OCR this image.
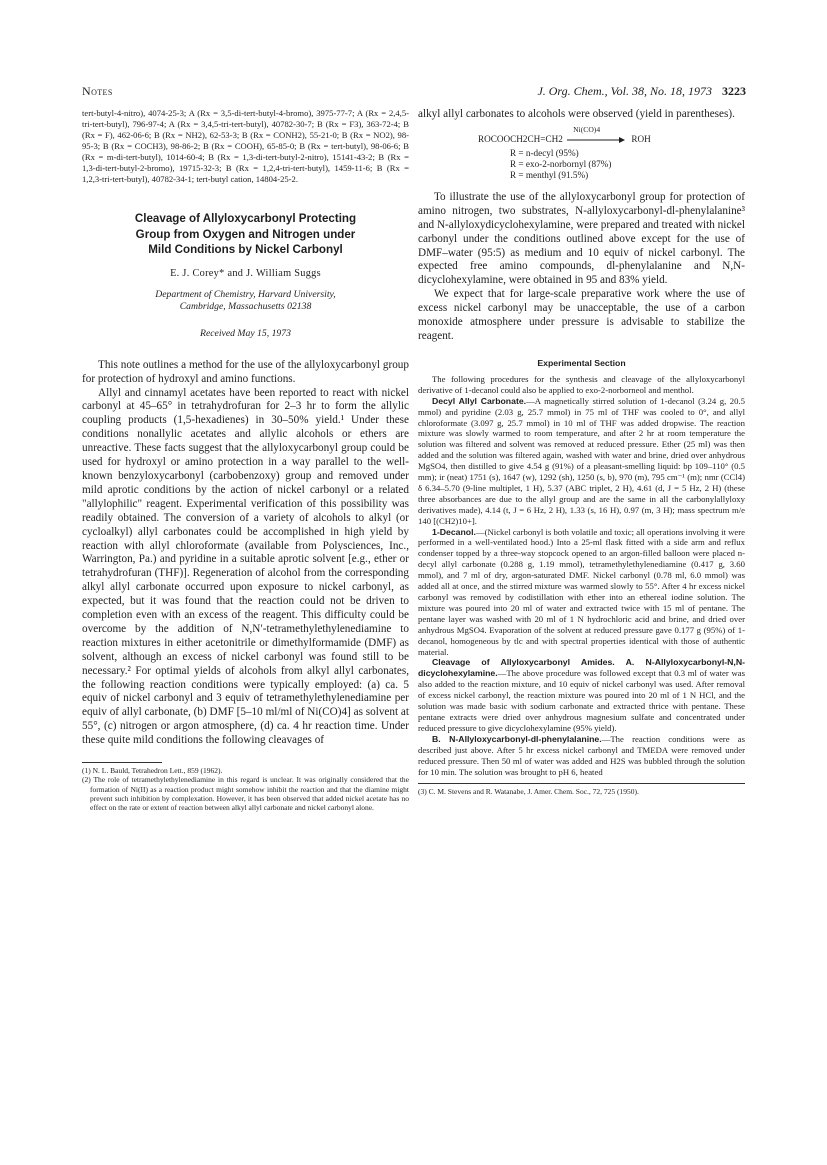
Notes	J. Org. Chem., Vol. 38, No. 18, 1973 3223

tert-butyl-4-nitro), 4074-25-3; A (Rx = 3,5-di-tert-butyl-4-bromo), 3975-77-7; A (Rx = 2,4,5-tri-tert-butyl), 796-97-4; A (Rx = 3,4,5-tri-tert-butyl), 40782-30-7; B (Rx = F3), 363-72-4; B (Rx = F), 462-06-6; B (Rx = NH2), 62-53-3; B (Rx = CONH2), 55-21-0; B (Rx = NO2), 98-95-3; B (Rx = COCH3), 98-86-2; B (Rx = COOH), 65-85-0; B (Rx = tert-butyl), 98-06-6; B (Rx = m-di-tert-butyl), 1014-60-4; B (Rx = 1,3-di-tert-butyl-2-nitro), 15141-43-2; B (Rx = 1,3-di-tert-butyl-2-bromo), 19715-32-3; B (Rx = 1,2,4-tri-tert-butyl), 1459-11-6; B (Rx = 1,2,3-tri-tert-butyl), 40782-34-1; tert-butyl cation, 14804-25-2.

Cleavage of Allyloxycarbonyl Protecting

Group from Oxygen and Nitrogen under

Mild Conditions by Nickel Carbonyl

E. J. Corey* and J. William Suggs

Department of Chemistry, Harvard University,

Cambridge, Massachusetts 02138

Received May 15, 1973

This note outlines a method for the use of the allyloxycarbonyl group for protection of hydroxyl and amino functions.

Allyl and cinnamyl acetates have been reported to react with nickel carbonyl at 45–65° in tetrahydrofuran for 2–3 hr to form the allylic coupling products (1,5-hexadienes) in 30–50% yield.¹ Under these conditions nonallylic acetates and allylic alcohols or ethers are unreactive. These facts suggest that the allyloxycarbonyl group could be used for hydroxyl or amino protection in a way parallel to the well-known benzyloxycarbonyl (carbobenzoxy) group and removed under mild aprotic conditions by the action of nickel carbonyl or a related "allylophilic" reagent. Experimental verification of this possibility was readily obtained. The conversion of a variety of alcohols to alkyl (or cycloalkyl) allyl carbonates could be accomplished in high yield by reaction with allyl chloroformate (available from Polysciences, Inc., Warrington, Pa.) and pyridine in a suitable aprotic solvent [e.g., ether or tetrahydrofuran (THF)]. Regeneration of alcohol from the corresponding alkyl allyl carbonate occurred upon exposure to nickel carbonyl, as expected, but it was found that the reaction could not be driven to completion even with an excess of the reagent. This difficulty could be overcome by the addition of N,N′-tetramethylethylenediamine to reaction mixtures in either acetonitrile or dimethylformamide (DMF) as solvent, although an excess of nickel carbonyl was found still to be necessary.² For optimal yields of alcohols from alkyl allyl carbonates, the following reaction conditions were typically employed: (a) ca. 5 equiv of nickel carbonyl and 3 equiv of tetramethylethylenediamine per equiv of allyl carbonate, (b) DMF [5–10 ml/ml of Ni(CO)4] as solvent at 55°, (c) nitrogen or argon atmosphere, (d) ca. 4 hr reaction time. Under these quite mild conditions the following cleavages of

(1) N. L. Bauld, Tetrahedron Lett., 859 (1962).

(2) The role of tetramethylethylenediamine in this regard is unclear. It was originally considered that the formation of Ni(II) as a reaction product might somehow inhibit the reaction and that the diamine might prevent such inhibition by complexation. However, it has been observed that added nickel acetate has no effect on the rate or extent of reaction between alkyl allyl carbonate and nickel carbonyl alone.

alkyl allyl carbonates to alcohols were observed (yield in parentheses).

ROCOOCH2CH=CH2
Ni(CO)4
ROH
R = n-decyl (95%)
R = exo-2-norbornyl (87%)
R = menthyl (91.5%)

To illustrate the use of the allyloxycarbonyl group for protection of amino nitrogen, two substrates, N-allyloxycarbonyl-dl-phenylalanine³ and N-allyloxydicyclohexylamine, were prepared and treated with nickel carbonyl under the conditions outlined above except for the use of DMF–water (95:5) as medium and 10 equiv of nickel carbonyl. The expected free amino compounds, dl-phenylalanine and N,N-dicyclohexylamine, were obtained in 95 and 83% yield.

We expect that for large-scale preparative work where the use of excess nickel carbonyl may be unacceptable, the use of a carbon monoxide atmosphere under pressure is advisable to stabilize the reagent.

Experimental Section

The following procedures for the synthesis and cleavage of the allyloxycarbonyl derivative of 1-decanol could also be applied to exo-2-norborneol and menthol.

Decyl Allyl Carbonate.—A magnetically stirred solution of 1-decanol (3.24 g, 20.5 mmol) and pyridine (2.03 g, 25.7 mmol) in 75 ml of THF was cooled to 0°, and allyl chloroformate (3.097 g, 25.7 mmol) in 10 ml of THF was added dropwise. The reaction mixture was slowly warmed to room temperature, and after 2 hr at room temperature the solution was filtered and solvent was removed at reduced pressure. Ether (25 ml) was then added and the solution was filtered again, washed with water and brine, dried over anhydrous MgSO4, then distilled to give 4.54 g (91%) of a pleasant-smelling liquid: bp 109–110° (0.5 mm); ir (neat) 1751 (s), 1647 (w), 1292 (sh), 1250 (s, b), 970 (m), 795 cm⁻¹ (m); nmr (CCl4) δ 6.34–5.70 (9-line multiplet, 1 H), 5.37 (ABC triplet, 2 H), 4.61 (d, J = 5 Hz, 2 H) (these three absorbances are due to the allyl group and are the same in all the carbonylallyloxy derivatives made), 4.14 (t, J = 6 Hz, 2 H), 1.33 (s, 16 H), 0.97 (m, 3 H); mass spectrum m/e 140 [(CH2)10+].

1-Decanol.—(Nickel carbonyl is both volatile and toxic; all operations involving it were performed in a well-ventilated hood.) Into a 25-ml flask fitted with a side arm and reflux condenser topped by a three-way stopcock opened to an argon-filled balloon were placed n-decyl allyl carbonate (0.288 g, 1.19 mmol), tetramethylethylenediamine (0.417 g, 3.60 mmol), and 7 ml of dry, argon-saturated DMF. Nickel carbonyl (0.78 ml, 6.0 mmol) was added all at once, and the stirred mixture was warmed slowly to 55°. After 4 hr excess nickel carbonyl was removed by codistillation with ether into an ethereal iodine solution. The mixture was poured into 20 ml of water and extracted twice with 15 ml of pentane. The pentane layer was washed with 20 ml of 1 N hydrochloric acid and brine, and dried over anhydrous MgSO4. Evaporation of the solvent at reduced pressure gave 0.177 g (95%) of 1-decanol, homogeneous by tlc and with spectral properties identical with those of authentic material.

Cleavage of Allyloxycarbonyl Amides. A. N-Allyloxycarbonyl-N,N-dicyclohexylamine.—The above procedure was followed except that 0.3 ml of water was also added to the reaction mixture, and 10 equiv of nickel carbonyl was used. After removal of excess nickel carbonyl, the reaction mixture was poured into 20 ml of 1 N HCl, and the solution was made basic with sodium carbonate and extracted thrice with pentane. These pentane extracts were dried over anhydrous magnesium sulfate and concentrated under reduced pressure to give dicyclohexylamine (95% yield).

B. N-Allyloxycarbonyl-dl-phenylalanine.—The reaction conditions were as described just above. After 5 hr excess nickel carbonyl and TMEDA were removed under reduced pressure. Then 50 ml of water was added and H2S was bubbled through the solution for 10 min. The solution was brought to pH 6, heated

(3) C. M. Stevens and R. Watanabe, J. Amer. Chem. Soc., 72, 725 (1950).
